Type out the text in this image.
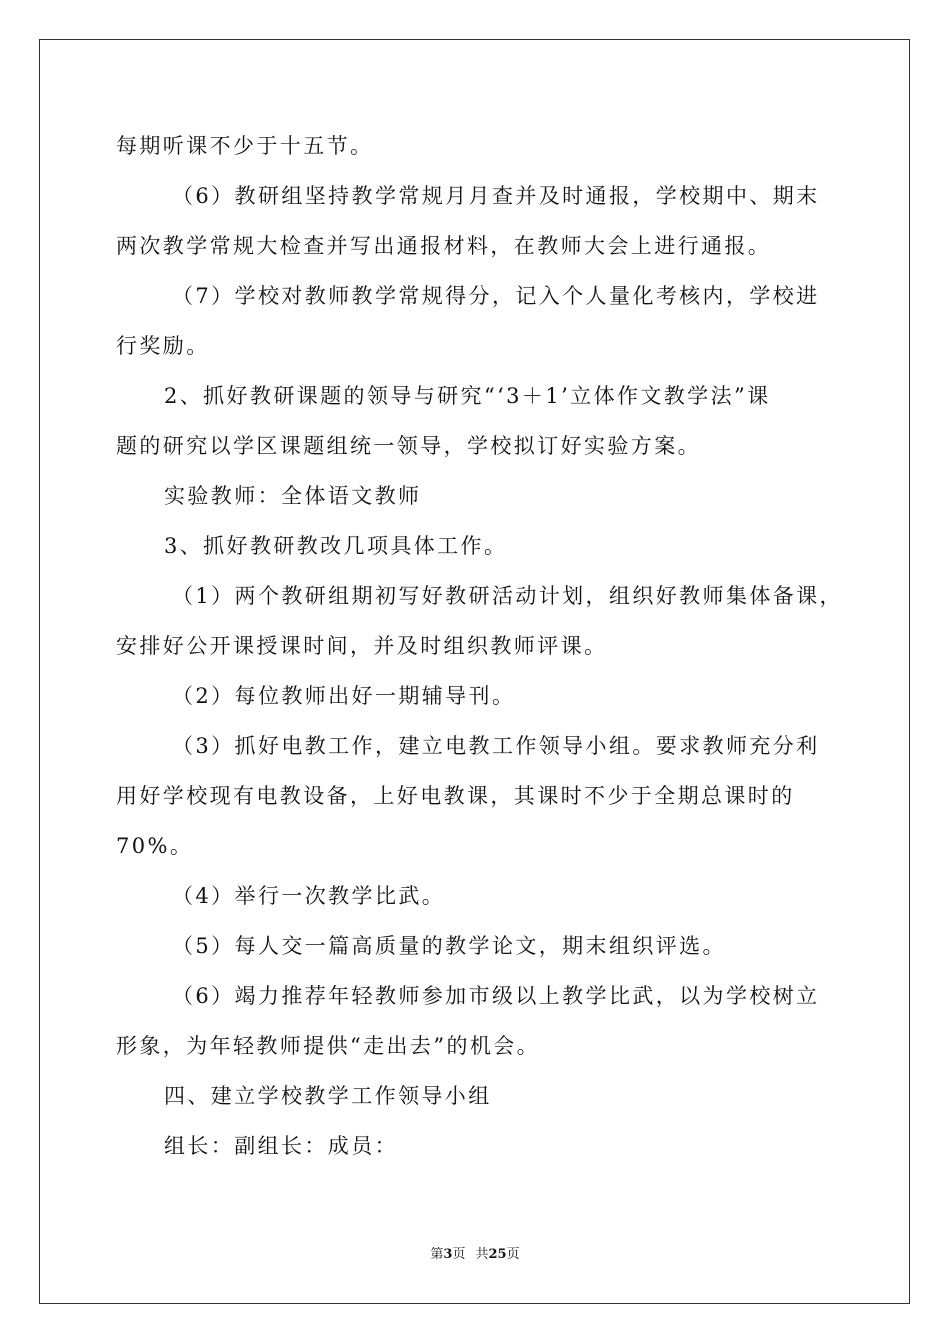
每期听课不少于十五节。
（6）教研组坚持教学常规月月查并及时通报，学校期中、期末
两次教学常规大检查并写出通报材料，在教师大会上进行通报。
（7）学校对教师教学常规得分，记入个人量化考核内，学校进
行奖励。
2、抓好教研课题的领导与研究“‘3＋1’立体作文教学法”课
题的研究以学区课题组统一领导，学校拟订好实验方案。
实验教师：全体语文教师
3、抓好教研教改几项具体工作。
（1）两个教研组期初写好教研活动计划，组织好教师集体备课，
安排好公开课授课时间，并及时组织教师评课。
（2）每位教师出好一期辅导刊。
（3）抓好电教工作，建立电教工作领导小组。要求教师充分利
用好学校现有电教设备，上好电教课，其课时不少于全期总课时的
70%。
（4）举行一次教学比武。
（5）每人交一篇高质量的教学论文，期末组织评选。
（6）竭力推荐年轻教师参加市级以上教学比武，以为学校树立
形象，为年轻教师提供“走出去”的机会。
四、建立学校教学工作领导小组
组长：副组长：成员：
第3页 共25页
